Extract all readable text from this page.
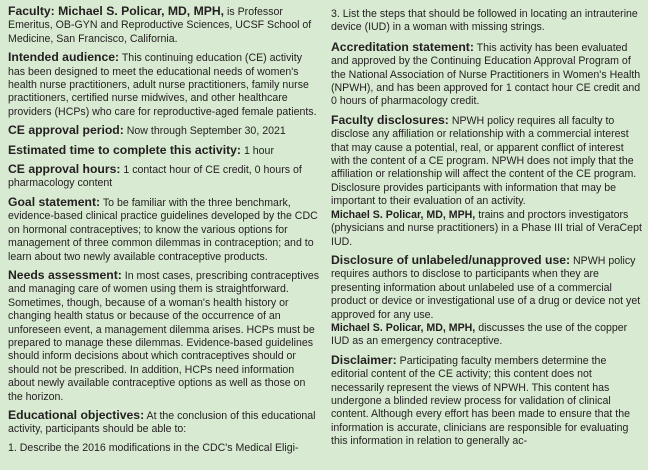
Faculty: Michael S. Policar, MD, MPH, is Professor Emeritus, OB-GYN and Reproductive Sciences, UCSF School of Medicine, San Francisco, California.

Intended audience: This continuing education (CE) activity has been designed to meet the educational needs of women's health nurse practitioners, adult nurse practitioners, family nurse practitioners, certified nurse midwives, and other healthcare providers (HCPs) who care for reproductive-aged female patients.

CE approval period: Now through September 30, 2021

Estimated time to complete this activity: 1 hour

CE approval hours: 1 contact hour of CE credit, 0 hours of pharmacology content

Goal statement: To be familiar with the three benchmark, evidence-based clinical practice guidelines developed by the CDC on hormonal contraceptives; to know the various options for management of three common dilemmas in contraception; and to learn about two newly available contraceptive products.

Needs assessment: In most cases, prescribing contraceptives and managing care of women using them is straightforward. Sometimes, though, because of a woman's health history or changing health status or because of the occurrence of an unforeseen event, a management dilemma arises. HCPs must be prepared to manage these dilemmas. Evidence-based guidelines should inform decisions about which contraceptives should or should not be prescribed. In addition, HCPs need information about newly available contraceptive options as well as those on the horizon.

Educational objectives: At the conclusion of this educational activity, participants should be able to:

1. Describe the 2016 modifications in the CDC's Medical Eligi-
3. List the steps that should be followed in locating an intrauterine device (IUD) in a woman with missing strings.

Accreditation statement: This activity has been evaluated and approved by the Continuing Education Approval Program of the National Association of Nurse Practitioners in Women's Health (NPWH), and has been approved for 1 contact hour CE credit and 0 hours of pharmacology credit.

Faculty disclosures: NPWH policy requires all faculty to disclose any affiliation or relationship with a commercial interest that may cause a potential, real, or apparent conflict of interest with the content of a CE program. NPWH does not imply that the affiliation or relationship will affect the content of the CE program. Disclosure provides participants with information that may be important to their evaluation of an activity.

Michael S. Policar, MD, MPH, trains and proctors investigators (physicians and nurse practitioners) in a Phase III trial of VeraCept IUD.

Disclosure of unlabeled/unapproved use: NPWH policy requires authors to disclose to participants when they are presenting information about unlabeled use of a commercial product or device or investigational use of a drug or device not yet approved for any use.

Michael S. Policar, MD, MPH, discusses the use of the copper IUD as an emergency contraceptive.

Disclaimer: Participating faculty members determine the editorial content of the CE activity; this content does not necessarily represent the views of NPWH. This content has undergone a blinded review process for validation of clinical content. Although every effort has been made to ensure that the information is accurate, clinicians are responsible for evaluating this information in relation to generally ac-
